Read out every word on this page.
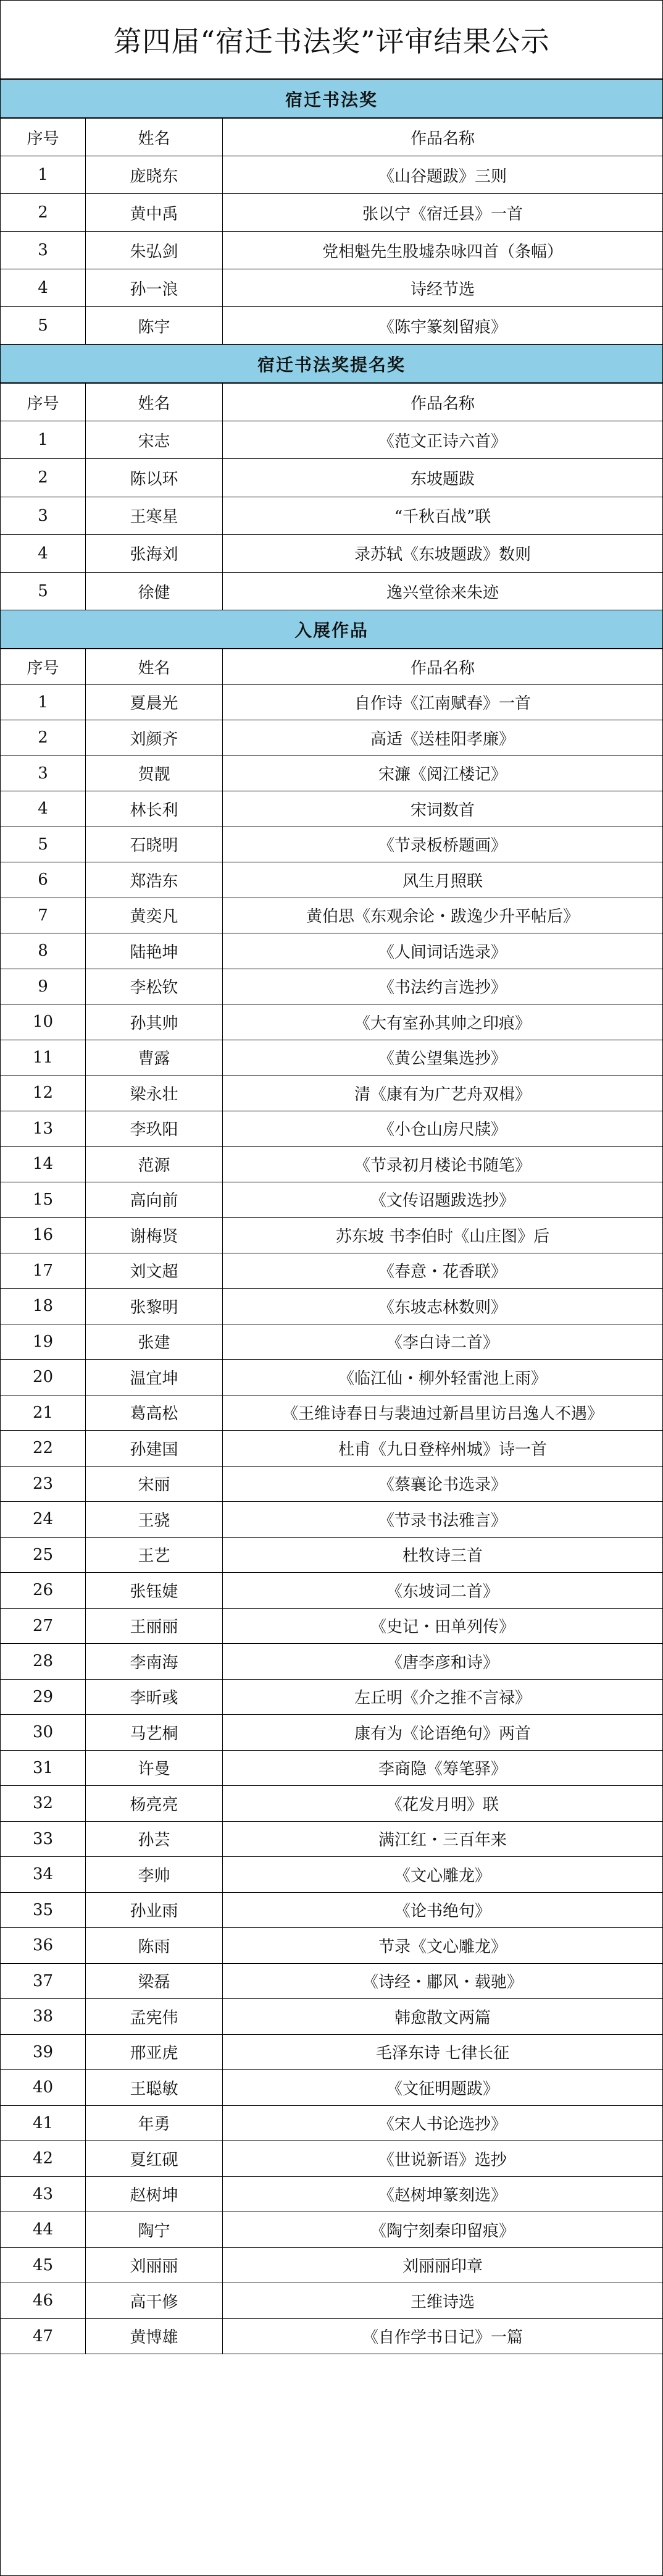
第四届“宿迁书法奖”评审结果公示
宿迁书法奖
序号	姓名	作品名称
1	庞晓东	《山谷题跋》三则
2	黄中禹	张以宁《宿迁县》一首
3	朱弘剑	党相魁先生股墟杂咏四首（条幅）
4	孙一浪	诗经节选
5	陈宇	《陈宇篆刻留痕》
宿迁书法奖提名奖
序号	姓名	作品名称
1	宋志	《范文正诗六首》
2	陈以环	东坡题跋
3	王寒星	“千秋百战”联
4	张海刘	录苏轼《东坡题跋》数则
5	徐健	逸兴堂徐来朱迹
入展作品
序号	姓名	作品名称
1	夏晨光	自作诗《江南赋春》一首
2	刘颜齐	高适《送桂阳孝廉》
3	贺靓	宋濂《阅江楼记》
4	林长利	宋词数首
5	石晓明	《节录板桥题画》
6	郑浩东	风生月照联
7	黄奕凡	黄伯思《东观余论・跋逸少升平帖后》
8	陆艳坤	《人间词话选录》
9	李松钦	《书法约言选抄》
10	孙其帅	《大有室孙其帅之印痕》
11	曹露	《黄公望集选抄》
12	梁永壮	清《康有为广艺舟双楫》
13	李玖阳	《小仓山房尺牍》
14	范源	《节录初月楼论书随笔》
15	高向前	《文传诏题跋选抄》
16	谢梅贤	苏东坡 书李伯时《山庄图》后
17	刘文超	《春意・花香联》
18	张黎明	《东坡志林数则》
19	张建	《李白诗二首》
20	温宜坤	《临江仙・柳外轻雷池上雨》
21	葛高松	《王维诗春日与裴迪过新昌里访吕逸人不遇》
22	孙建国	杜甫《九日登梓州城》诗一首
23	宋丽	《蔡襄论书选录》
24	王骁	《节录书法雅言》
25	王艺	杜牧诗三首
26	张钰婕	《东坡词二首》
27	王丽丽	《史记・田单列传》
28	李南海	《唐李彦和诗》
29	李昕彧	左丘明《介之推不言禄》
30	马艺桐	康有为《论语绝句》两首
31	许曼	李商隐《筹笔驿》
32	杨亮亮	《花发月明》联
33	孙芸	满江红・三百年来
34	李帅	《文心雕龙》
35	孙业雨	《论书绝句》
36	陈雨	节录《文心雕龙》
37	梁磊	《诗经・鄘风・载驰》
38	孟宪伟	韩愈散文两篇
39	邢亚虎	毛泽东诗 七律长征
40	王聪敏	《文征明题跋》
41	年勇	《宋人书论选抄》
42	夏红砚	《世说新语》选抄
43	赵树坤	《赵树坤篆刻选》
44	陶宁	《陶宁刻秦印留痕》
45	刘丽丽	刘丽丽印章
46	高干修	王维诗选
47	黄博雄	《自作学书日记》一篇
